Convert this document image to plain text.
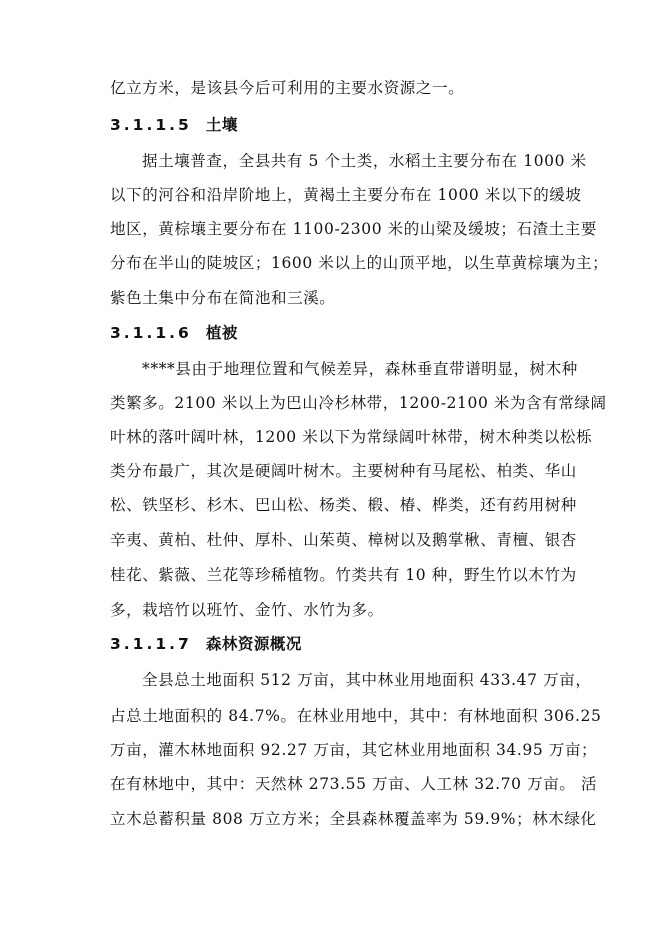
亿立方米，是该县今后可利用的主要水资源之一。
3.1.1.5 土壤
据土壤普查，全县共有 5 个土类，水稻土主要分布在 1000 米
以下的河谷和沿岸阶地上，黄褐土主要分布在 1000 米以下的缓坡
地区，黄棕壤主要分布在 1100-2300 米的山梁及缓坡；石渣土主要
分布在半山的陡坡区；1600 米以上的山顶平地，以生草黄棕壤为主；
紫色土集中分布在简池和三溪。
3.1.1.6 植被
****县由于地理位置和气候差异，森林垂直带谱明显，树木种
类繁多。2100 米以上为巴山冷杉林带，1200-2100 米为含有常绿阔
叶林的落叶阔叶林，1200 米以下为常绿阔叶林带，树木种类以松栎
类分布最广，其次是硬阔叶树木。主要树种有马尾松、柏类、华山
松、铁坚杉、杉木、巴山松、杨类、椴、椿、桦类，还有药用树种
辛夷、黄柏、杜仲、厚朴、山茱萸、樟树以及鹅掌楸、青檀、银杏
桂花、紫薇、兰花等珍稀植物。竹类共有 10 种，野生竹以木竹为
多，栽培竹以班竹、金竹、水竹为多。
3.1.1.7 森林资源概况
全县总土地面积 512 万亩，其中林业用地面积 433.47 万亩，
占总土地面积的 84.7%。在林业用地中，其中：有林地面积 306.25
万亩，灌木林地面积 92.27 万亩，其它林业用地面积 34.95 万亩；
在有林地中，其中：天然林 273.55 万亩、人工林 32.70 万亩。 活
立木总蓄积量 808 万立方米；全县森林覆盖率为 59.9%；林木绿化
